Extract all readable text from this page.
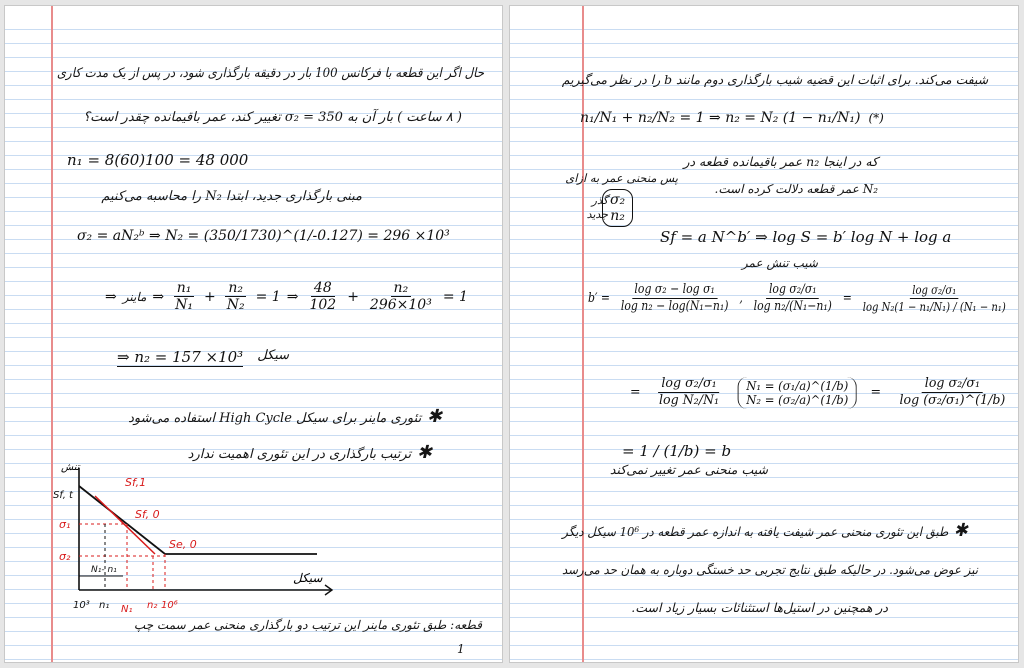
حال اگر این قطعه با فرکانس 100 بار در دقیقه بارگذاری شود، در پس از یک مدت کاری
( ۸ ساعت ) بار آن به 350 = σ₂ تغییر کند، عمر باقیمانده چقدر است؟
n₁ = 8(60)100 = 48 000
مبنی بارگذاری جدید، ابتدا N₂ را محاسبه می‌کنیم
σ₂ = aN₂ᵇ ⇒ N₂ = (350/1730)^(1/-0.127) = 296 ×10³
⇒ ماینر ⇒ $\frac{\text{n₁}}{\text{N₁}} + \frac{\text{n₂}}{\text{N₂}} = 1$ ⇒ $\frac{48}{102} + \frac{\text{n₂}}{\text{296×10³}} = 1$
⇒ n₂ = 157 ×10³ سیکل
✱ تئوری ماینر برای سیکل High Cycle استفاده می‌شود
✱ ترتیب بارگذاری در این تئوری اهمیت ندارد
تنش
سیکل
Sf, t
Sf,1
Sf, 0
Se, 0
σ₁
σ₂
N₁- n₁
10³ n₁ N₁ n₂ 10⁶
قطعه: طبق تئوری ماینر این ترتیب دو بارگذاری منحنی عمر سمت چپ
1
شیفت می‌کند. برای اثبات این قضیه شیب بارگذاری دوم مانند b را در نظر می‌گیریم
n₁/N₁ + n₂/N₂ = 1 ⇒ n₂ = N₂ (1 − n₁/N₁) (*)
که در اینجا n₂ عمر باقیمانده قطعه در
پس منحنی عمر به ازای
N₂ عمر قطعه دلالت کرده است.
گذر σ₂
n₂
جدید
Sf = a N^b′ ⇒ log S = b′ log N + log a
شیب تنش عمر
$b' = \frac{\text{log σ₂ − log σ₁}}{\text{log n₂ − log(N₁−n₁)}}$ , $\frac{\text{log σ₂/σ₁}}{\text{log n₂/(N₁−n₁)}} = \frac{\text{log σ₂/σ₁}}{\text{log N₂(1 − n₁/N₁) / (N₁ − n₁)}}$
= $\frac{\text{log σ₂/σ₁}}{\text{log N₂/N₁}} N_1$ = (σ₁/a)^(1/b)
N₂ = (σ₂/a)^(1/b) = $\frac{\text{log σ₂/σ₁}}{\text{log (σ₂/σ₁)\textasciicircum{}(1/b)}}$
= 1 / (1/b) = b
شیب منحنی عمر تغییر نمی‌کند
✱ طبق این تئوری منحنی عمر شیفت یافته به اندازه عمر قطعه در 10⁶ سیکل دیگر
نیز عوض می‌شود. در حالیکه طبق نتایج تجربی حد خستگی دوباره به همان حد می‌رسد
در همچنین در استیل‌ها استثنائات بسیار زیاد است.
